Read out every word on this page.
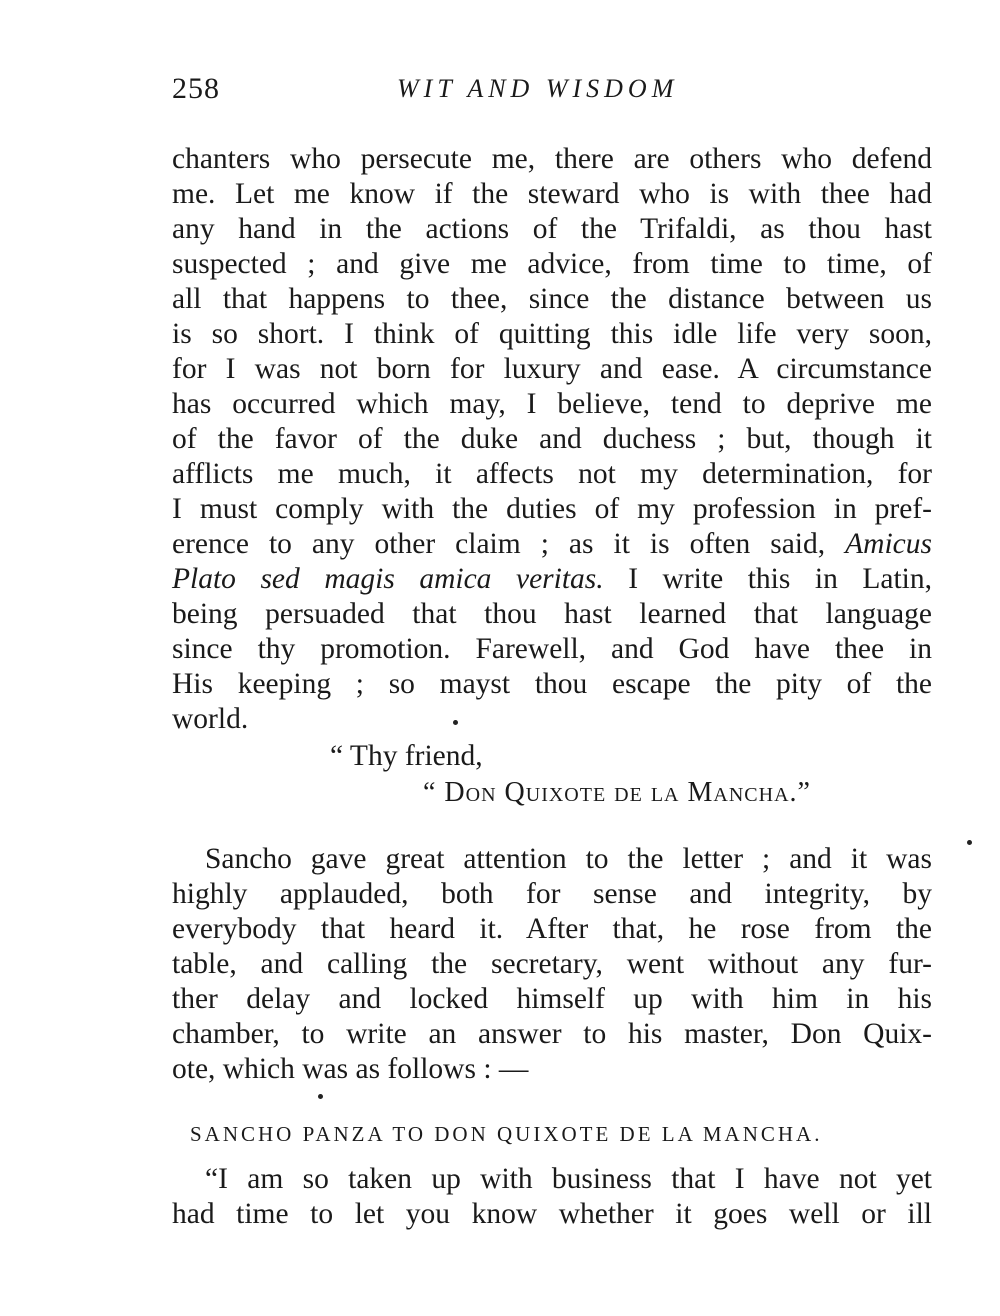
258	WIT AND WISDOM
chanters who persecute me, there are others who defend
me. Let me know if the steward who is with thee had
any hand in the actions of the Trifaldi, as thou hast
suspected ; and give me advice, from time to time, of
all that happens to thee, since the distance between us
is so short. I think of quitting this idle life very soon,
for I was not born for luxury and ease. A circumstance
has occurred which may, I believe, tend to deprive me
of the favor of the duke and duchess ; but, though it
afflicts me much, it affects not my determination, for
I must comply with the duties of my profession in pref-
erence to any other claim ; as it is often said, Amicus
Plato sed magis amica veritas. I write this in Latin,
being persuaded that thou hast learned that language
since thy promotion. Farewell, and God have thee in
His keeping ; so mayst thou escape the pity of the
world.
“ Thy friend,
“ Don Quixote de la Mancha.”
Sancho gave great attention to the letter ; and it was
highly applauded, both for sense and integrity, by
everybody that heard it. After that, he rose from the
table, and calling the secretary, went without any fur-
ther delay and locked himself up with him in his
chamber, to write an answer to his master, Don Quix-
ote, which was as follows : —
SANCHO PANZA TO DON QUIXOTE DE LA MANCHA.
“I am so taken up with business that I have not yet
had time to let you know whether it goes well or ill
